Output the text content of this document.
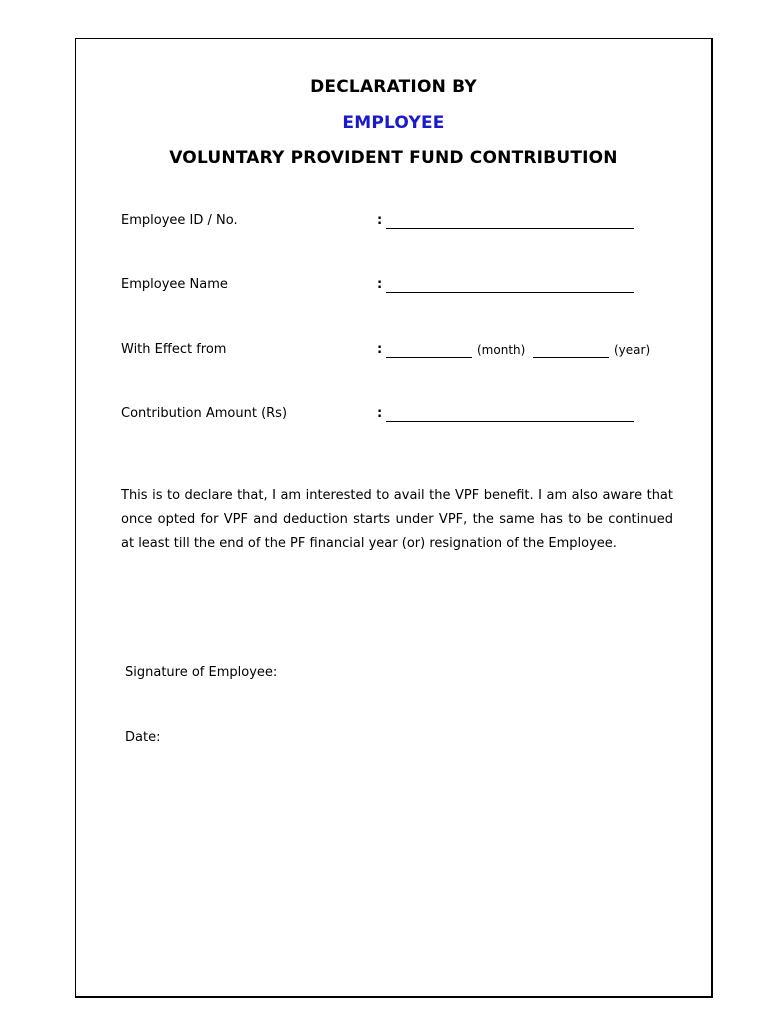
DECLARATION BY
EMPLOYEE
VOLUNTARY PROVIDENT FUND CONTRIBUTION
Employee ID / No.	:
Employee Name	:
With Effect from	:	(month)	(year)
Contribution Amount (Rs)	:

This is to declare that, I am interested to avail the VPF benefit. I am also aware that once opted for VPF and deduction starts under VPF, the same has to be continued at least till the end of the PF financial year (or) resignation of the Employee.

Signature of Employee:
Date:
